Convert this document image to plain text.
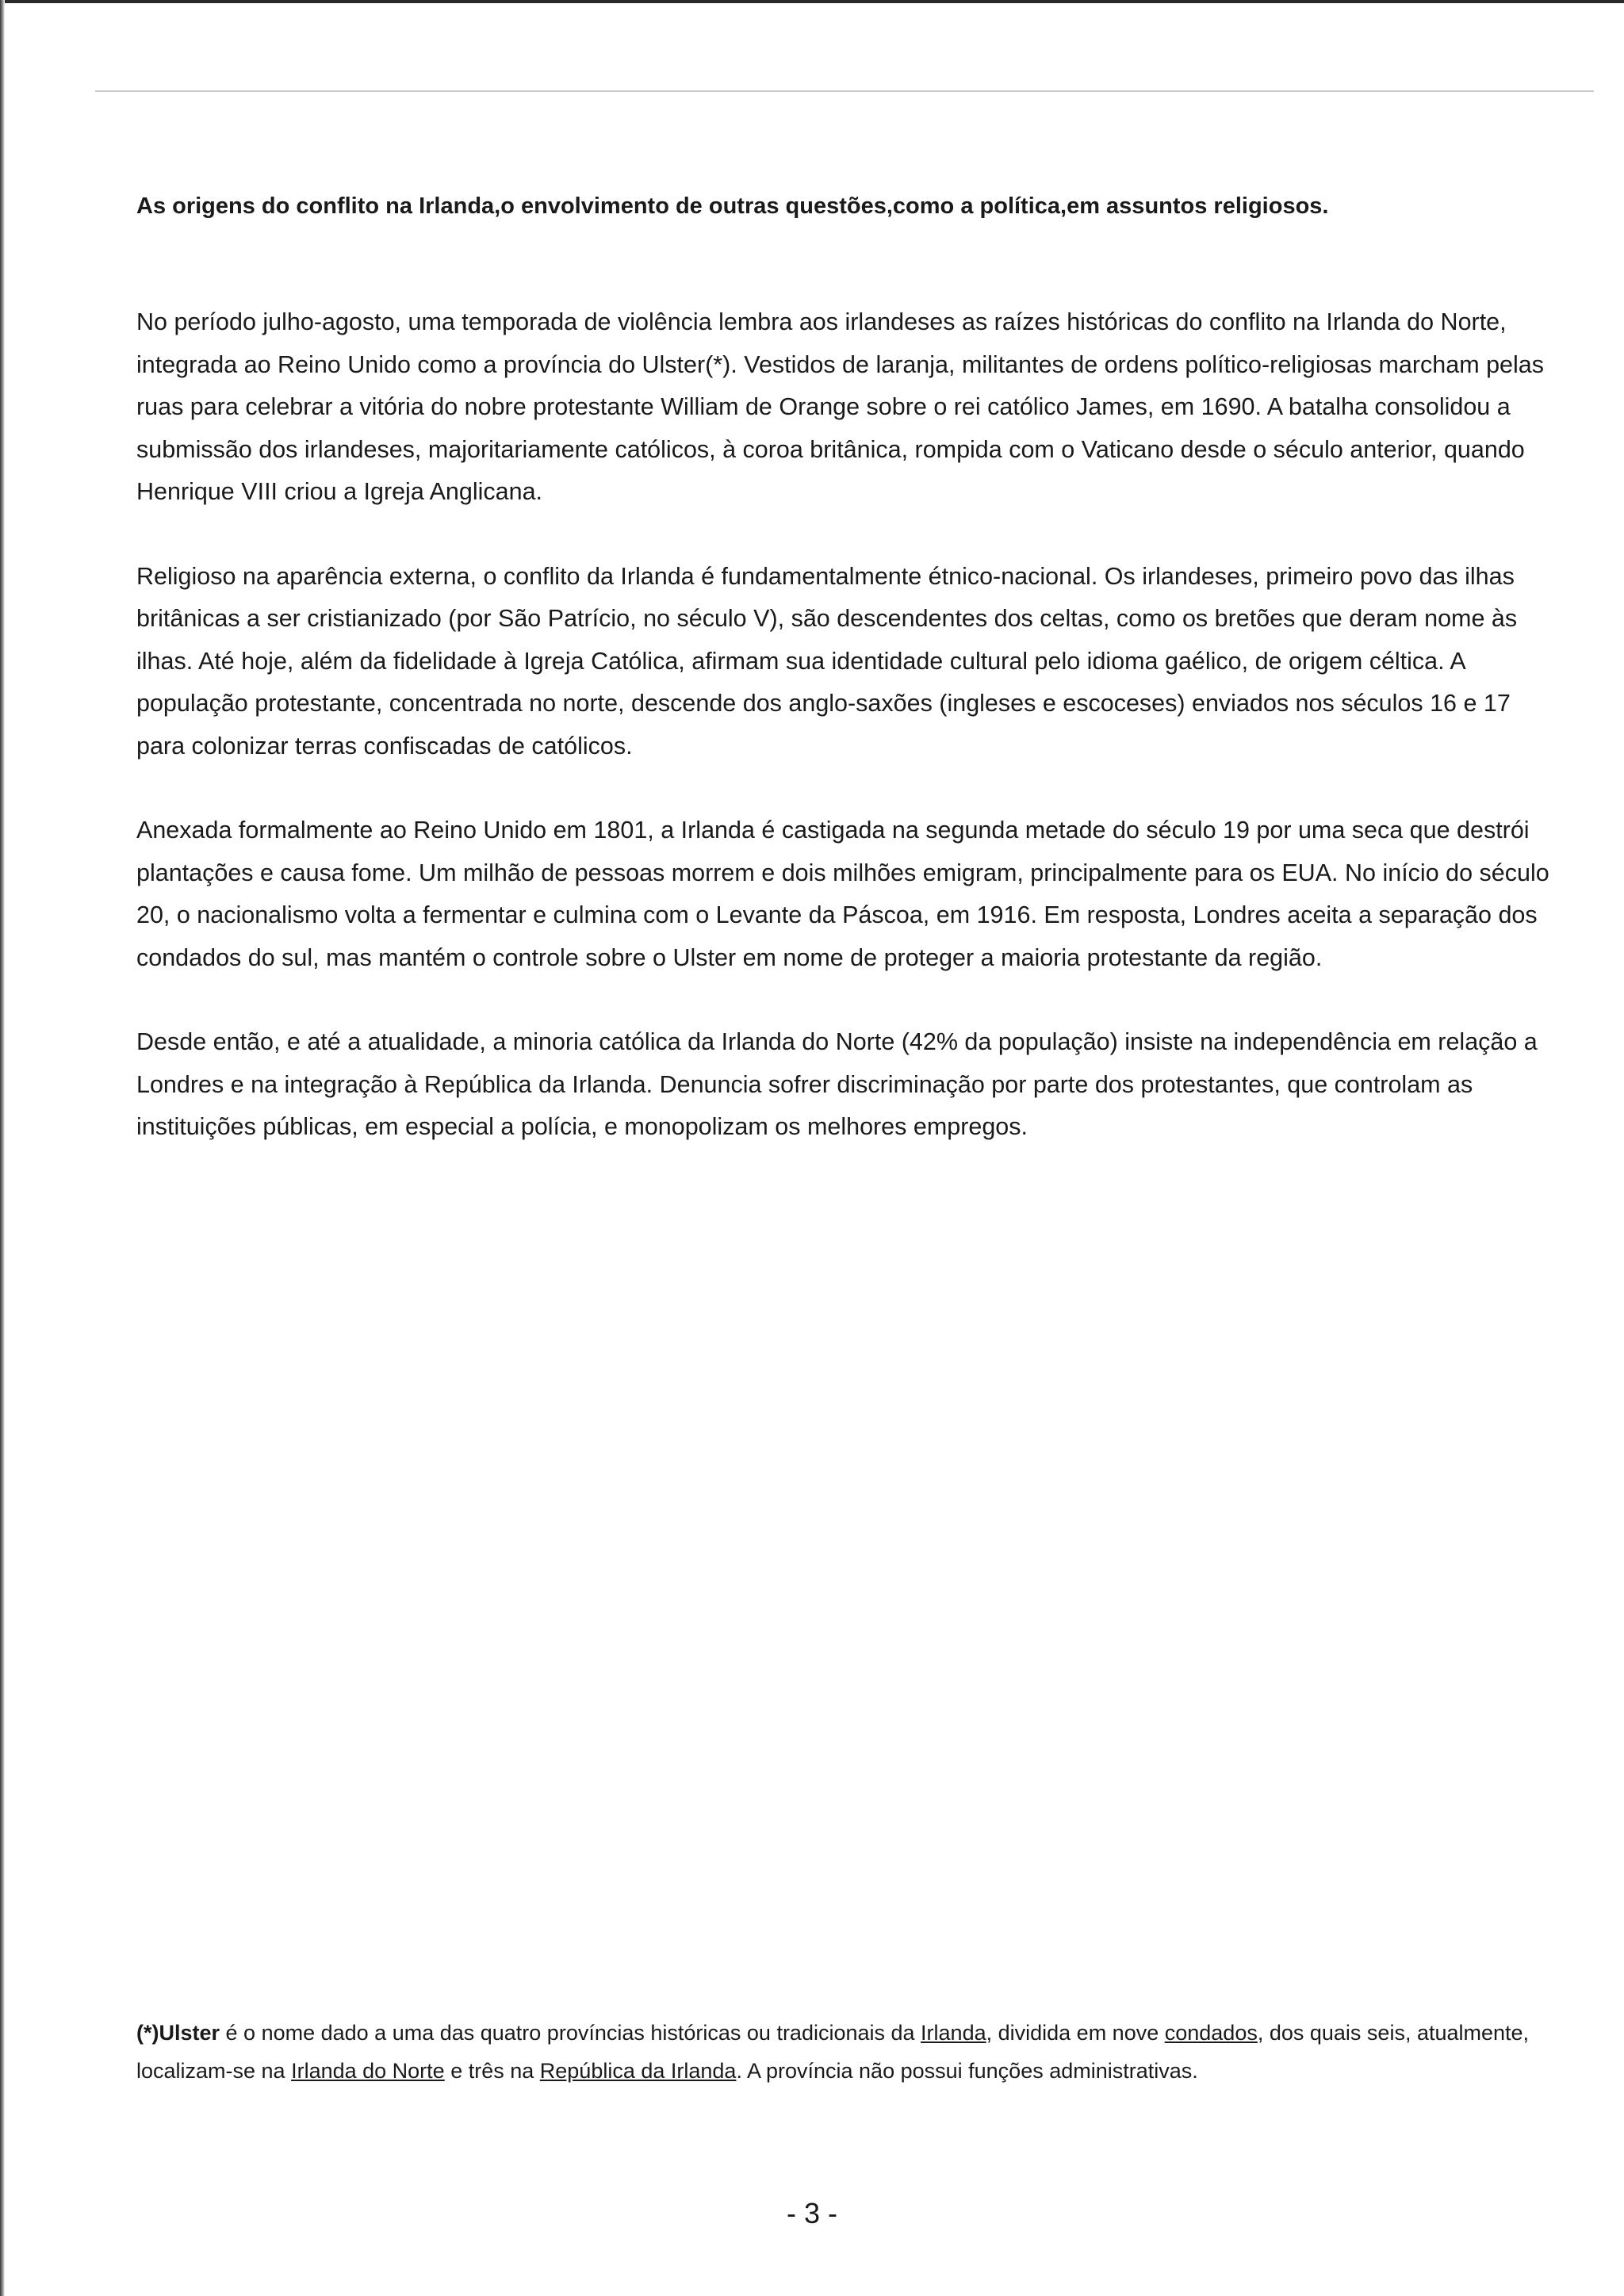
As origens do conflito na Irlanda,o envolvimento de outras questões,como a política,em assuntos religiosos.

No período julho-agosto, uma temporada de violência lembra aos irlandeses as raízes históricas do conflito na Irlanda do Norte, integrada ao Reino Unido como a província do Ulster(*). Vestidos de laranja, militantes de ordens político-religiosas marcham pelas ruas para celebrar a vitória do nobre protestante William de Orange sobre o rei católico James, em 1690. A batalha consolidou a submissão dos irlandeses, majoritariamente católicos, à coroa britânica, rompida com o Vaticano desde o século anterior, quando Henrique VIII criou a Igreja Anglicana.

Religioso na aparência externa, o conflito da Irlanda é fundamentalmente étnico-nacional. Os irlandeses, primeiro povo das ilhas britânicas a ser cristianizado (por São Patrício, no século V), são descendentes dos celtas, como os bretões que deram nome às ilhas. Até hoje, além da fidelidade à Igreja Católica, afirmam sua identidade cultural pelo idioma gaélico, de origem céltica. A população protestante, concentrada no norte, descende dos anglo-saxões (ingleses e escoceses) enviados nos séculos 16 e 17 para colonizar terras confiscadas de católicos.

Anexada formalmente ao Reino Unido em 1801, a Irlanda é castigada na segunda metade do século 19 por uma seca que destrói plantações e causa fome. Um milhão de pessoas morrem e dois milhões emigram, principalmente para os EUA. No início do século 20, o nacionalismo volta a fermentar e culmina com o Levante da Páscoa, em 1916. Em resposta, Londres aceita a separação dos condados do sul, mas mantém o controle sobre o Ulster em nome de proteger a maioria protestante da região.

Desde então, e até a atualidade, a minoria católica da Irlanda do Norte (42% da população) insiste na independência em relação a Londres e na integração à República da Irlanda. Denuncia sofrer discriminação por parte dos protestantes, que controlam as instituições públicas, em especial a polícia, e monopolizam os melhores empregos.

(*)Ulster é o nome dado a uma das quatro províncias históricas ou tradicionais da Irlanda, dividida em nove condados, dos quais seis, atualmente, localizam-se na Irlanda do Norte e três na República da Irlanda. A província não possui funções administrativas.
- 3 -
